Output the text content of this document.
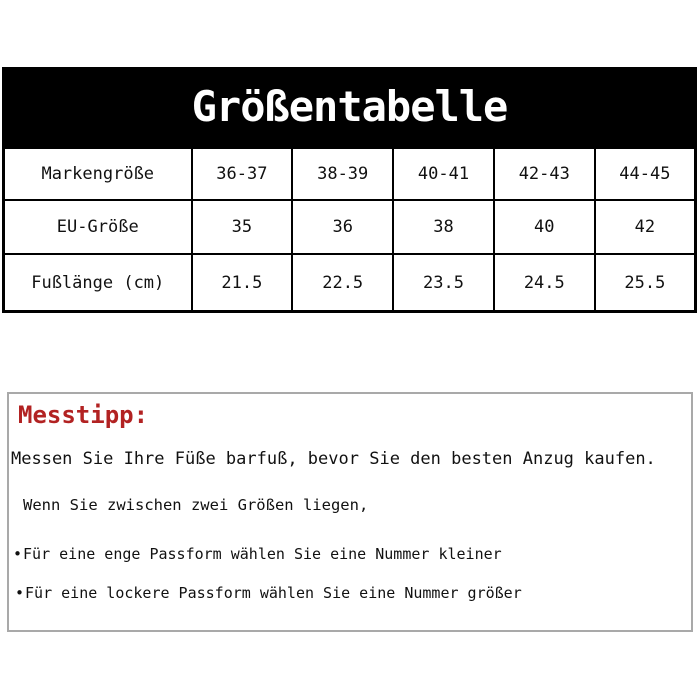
Größentabelle
Markengröße	36-37	38-39	40-41	42-43	44-45
EU-Größe	35	36	38	40	42
Fußlänge (cm)	21.5	22.5	23.5	24.5	25.5
Messtipp:
Messen Sie Ihre Füße barfuß, bevor Sie den besten Anzug kaufen.
Wenn Sie zwischen zwei Größen liegen,
•Für eine enge Passform wählen Sie eine Nummer kleiner
•Für eine lockere Passform wählen Sie eine Nummer größer
